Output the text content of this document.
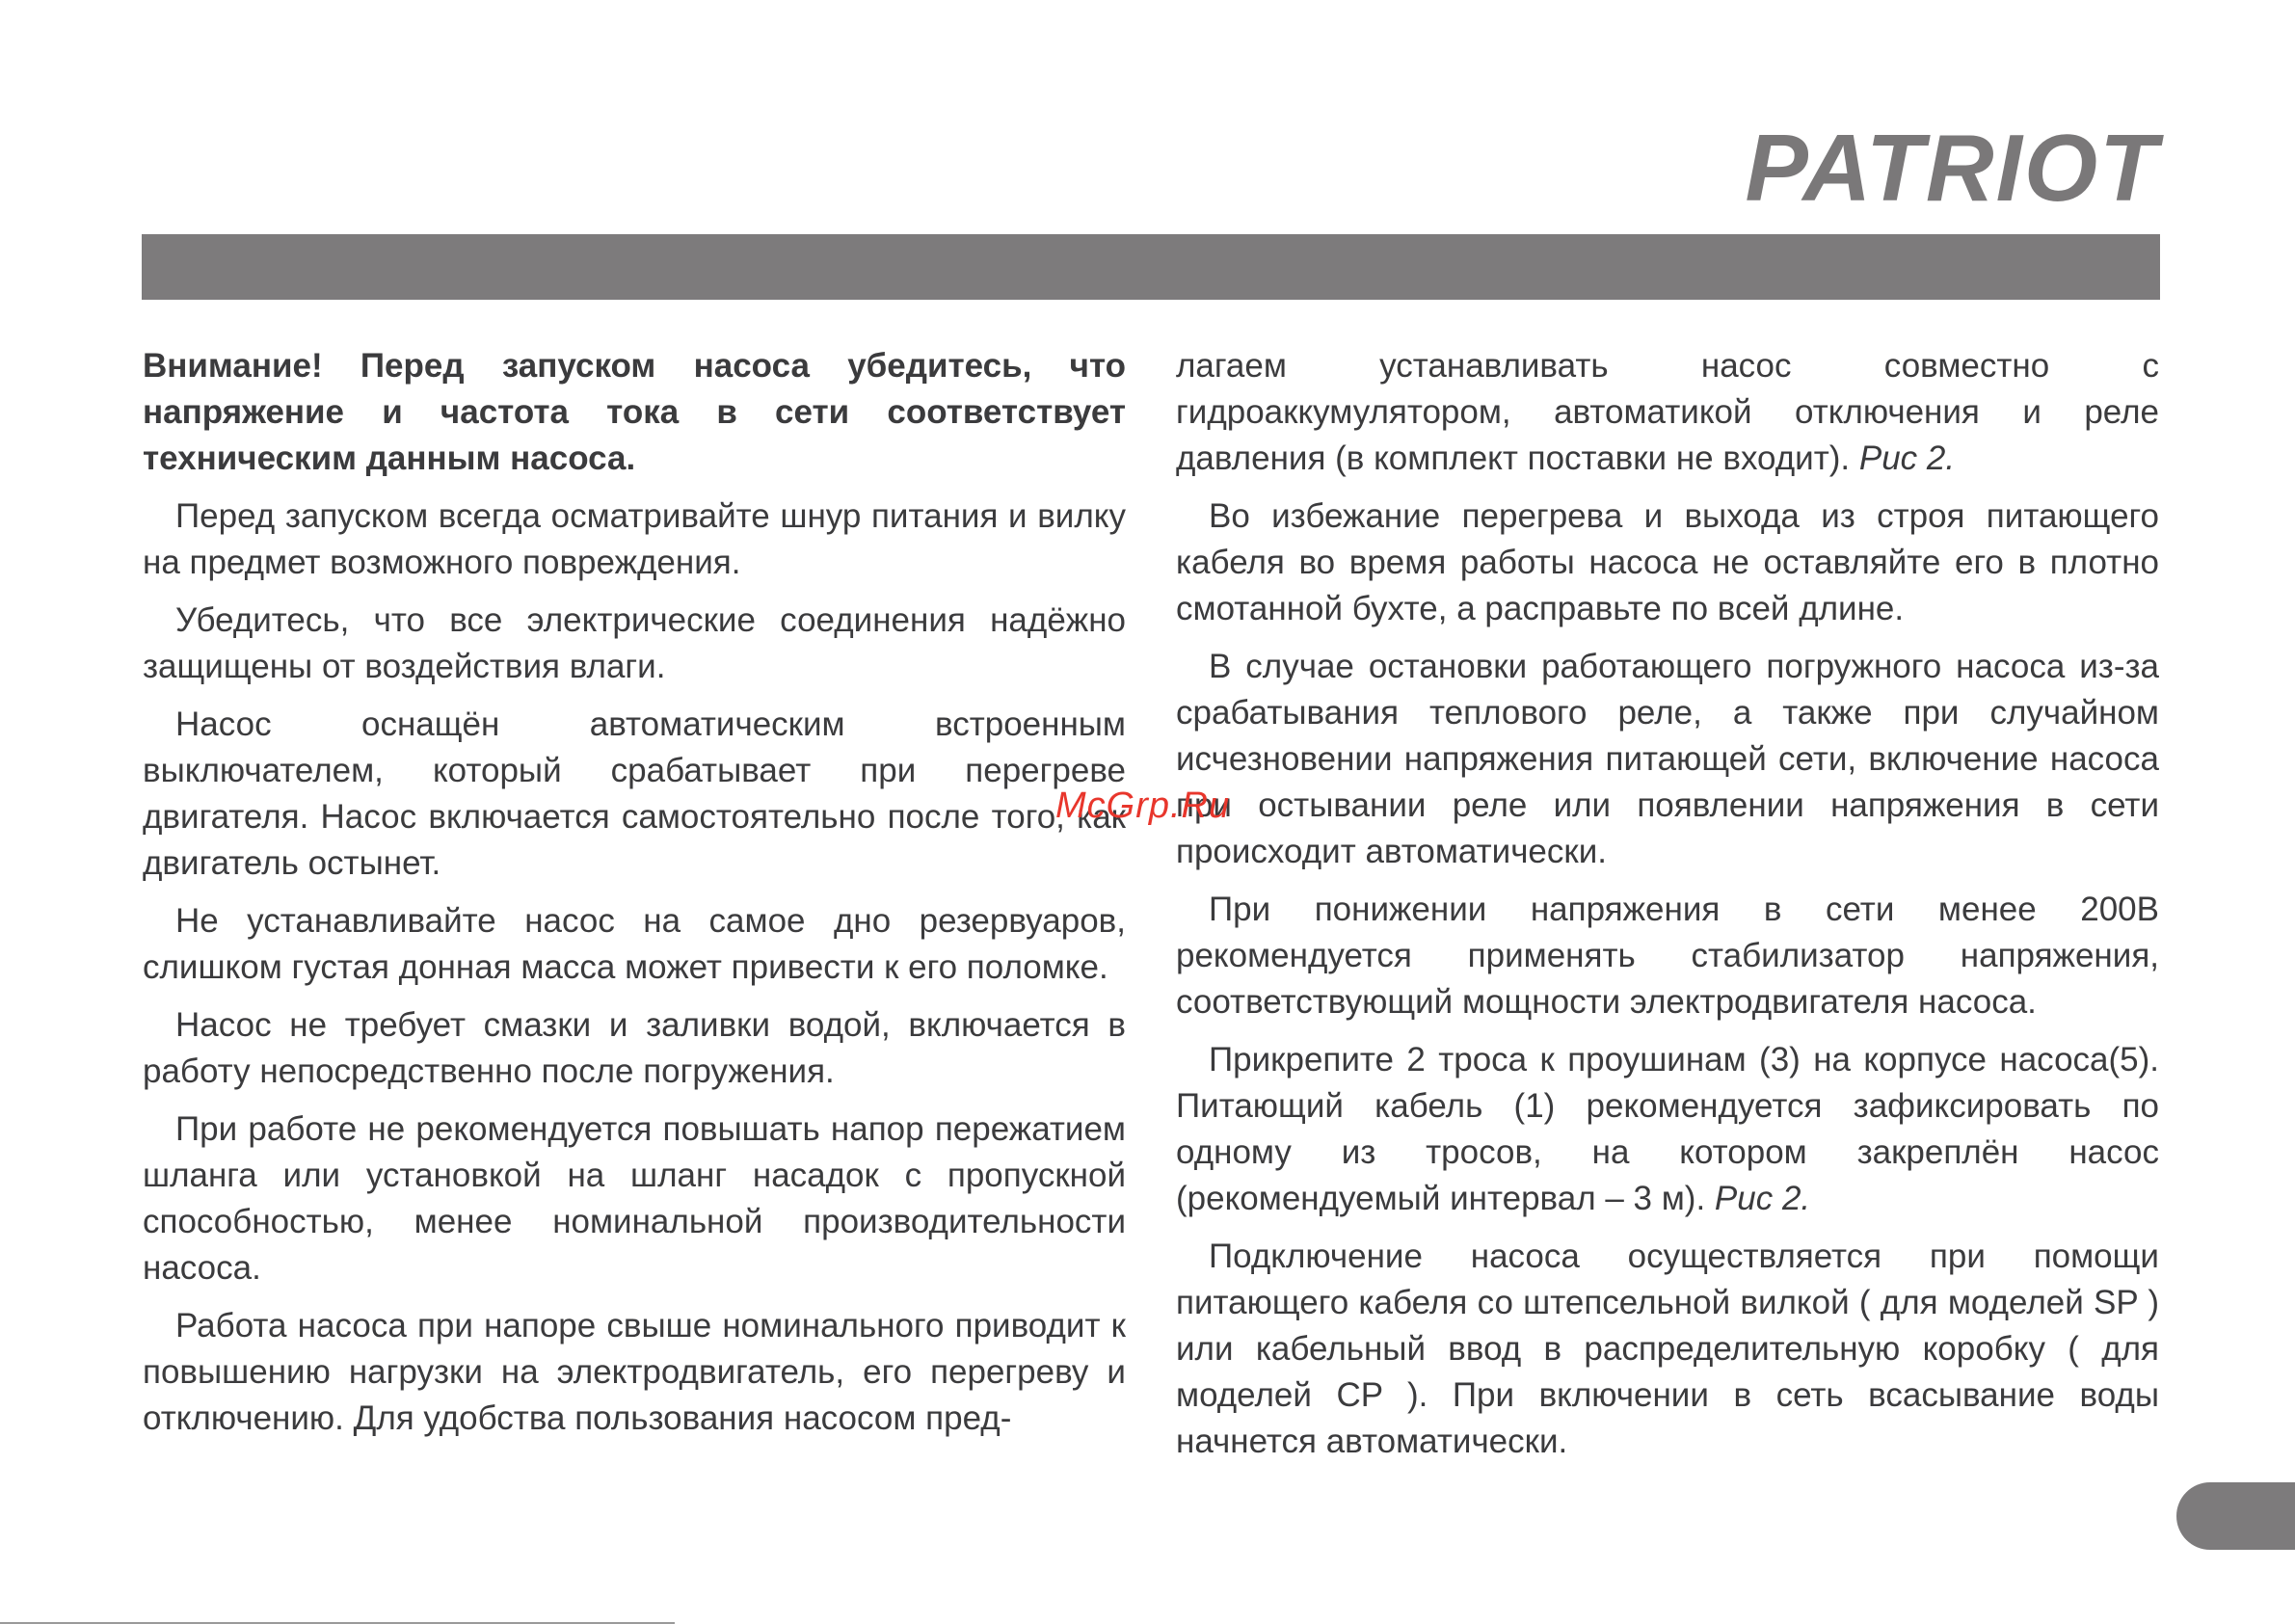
PATRIOT

Внимание! Перед запуском насоса убедитесь, что напряжение и частота тока в сети соответствует техническим данным насоса.

Перед запуском всегда осматривайте шнур питания и вилку на предмет возможного повреждения.

Убедитесь, что все электрические соединения надёжно защищены от воздействия влаги.

Насос оснащён автоматическим встроенным выключателем, который срабатывает при перегреве двигателя. Насос включается самостоятельно после того, как двигатель остынет.

Не устанавливайте насос на самое дно резервуаров, слишком густая донная масса может привести к его поломке.

Насос не требует смазки и заливки водой, включается в работу непосредственно после погружения.

При работе не рекомендуется повышать напор пережатием шланга или установкой на шланг насадок с пропускной способностью, менее номинальной производительности насоса.

Работа насоса при напоре свыше номинального приводит к повышению нагрузки на электродвигатель, его перегреву и отключению. Для удобства пользования насосом пред-

лагаем устанавливать насос совместно с гидроаккумулятором, автоматикой отключения и реле давления (в комплект поставки не входит). Рис 2.

Во избежание перегрева и выхода из строя питающего кабеля во время работы насоса не оставляйте его в плотно смотанной бухте, а расправьте по всей длине.

В случае остановки работающего погружного насоса из-за срабатывания теплового реле, а также при случайном исчезновении напряжения питающей сети, включение насоса при остывании реле или появлении напряжения в сети происходит автоматически.

При понижении напряжения в сети менее 200В рекомендуется применять стабилизатор напряжения, соответствующий мощности электродвигателя насоса.

Прикрепите 2 троса к проушинам (3) на корпусе насоса(5). Питающий кабель (1) рекомендуется зафиксировать по одному из тросов, на котором закреплён насос (рекомендуемый интервал – 3 м). Рис 2.

Подключение насоса осуществляется при помощи питающего кабеля со штепсельной вилкой ( для моделей SP ) или кабельный ввод в распределительную коробку ( для моделей CP ). При включении в сеть всасывание воды начнется автоматически.

McGrp.Ru
